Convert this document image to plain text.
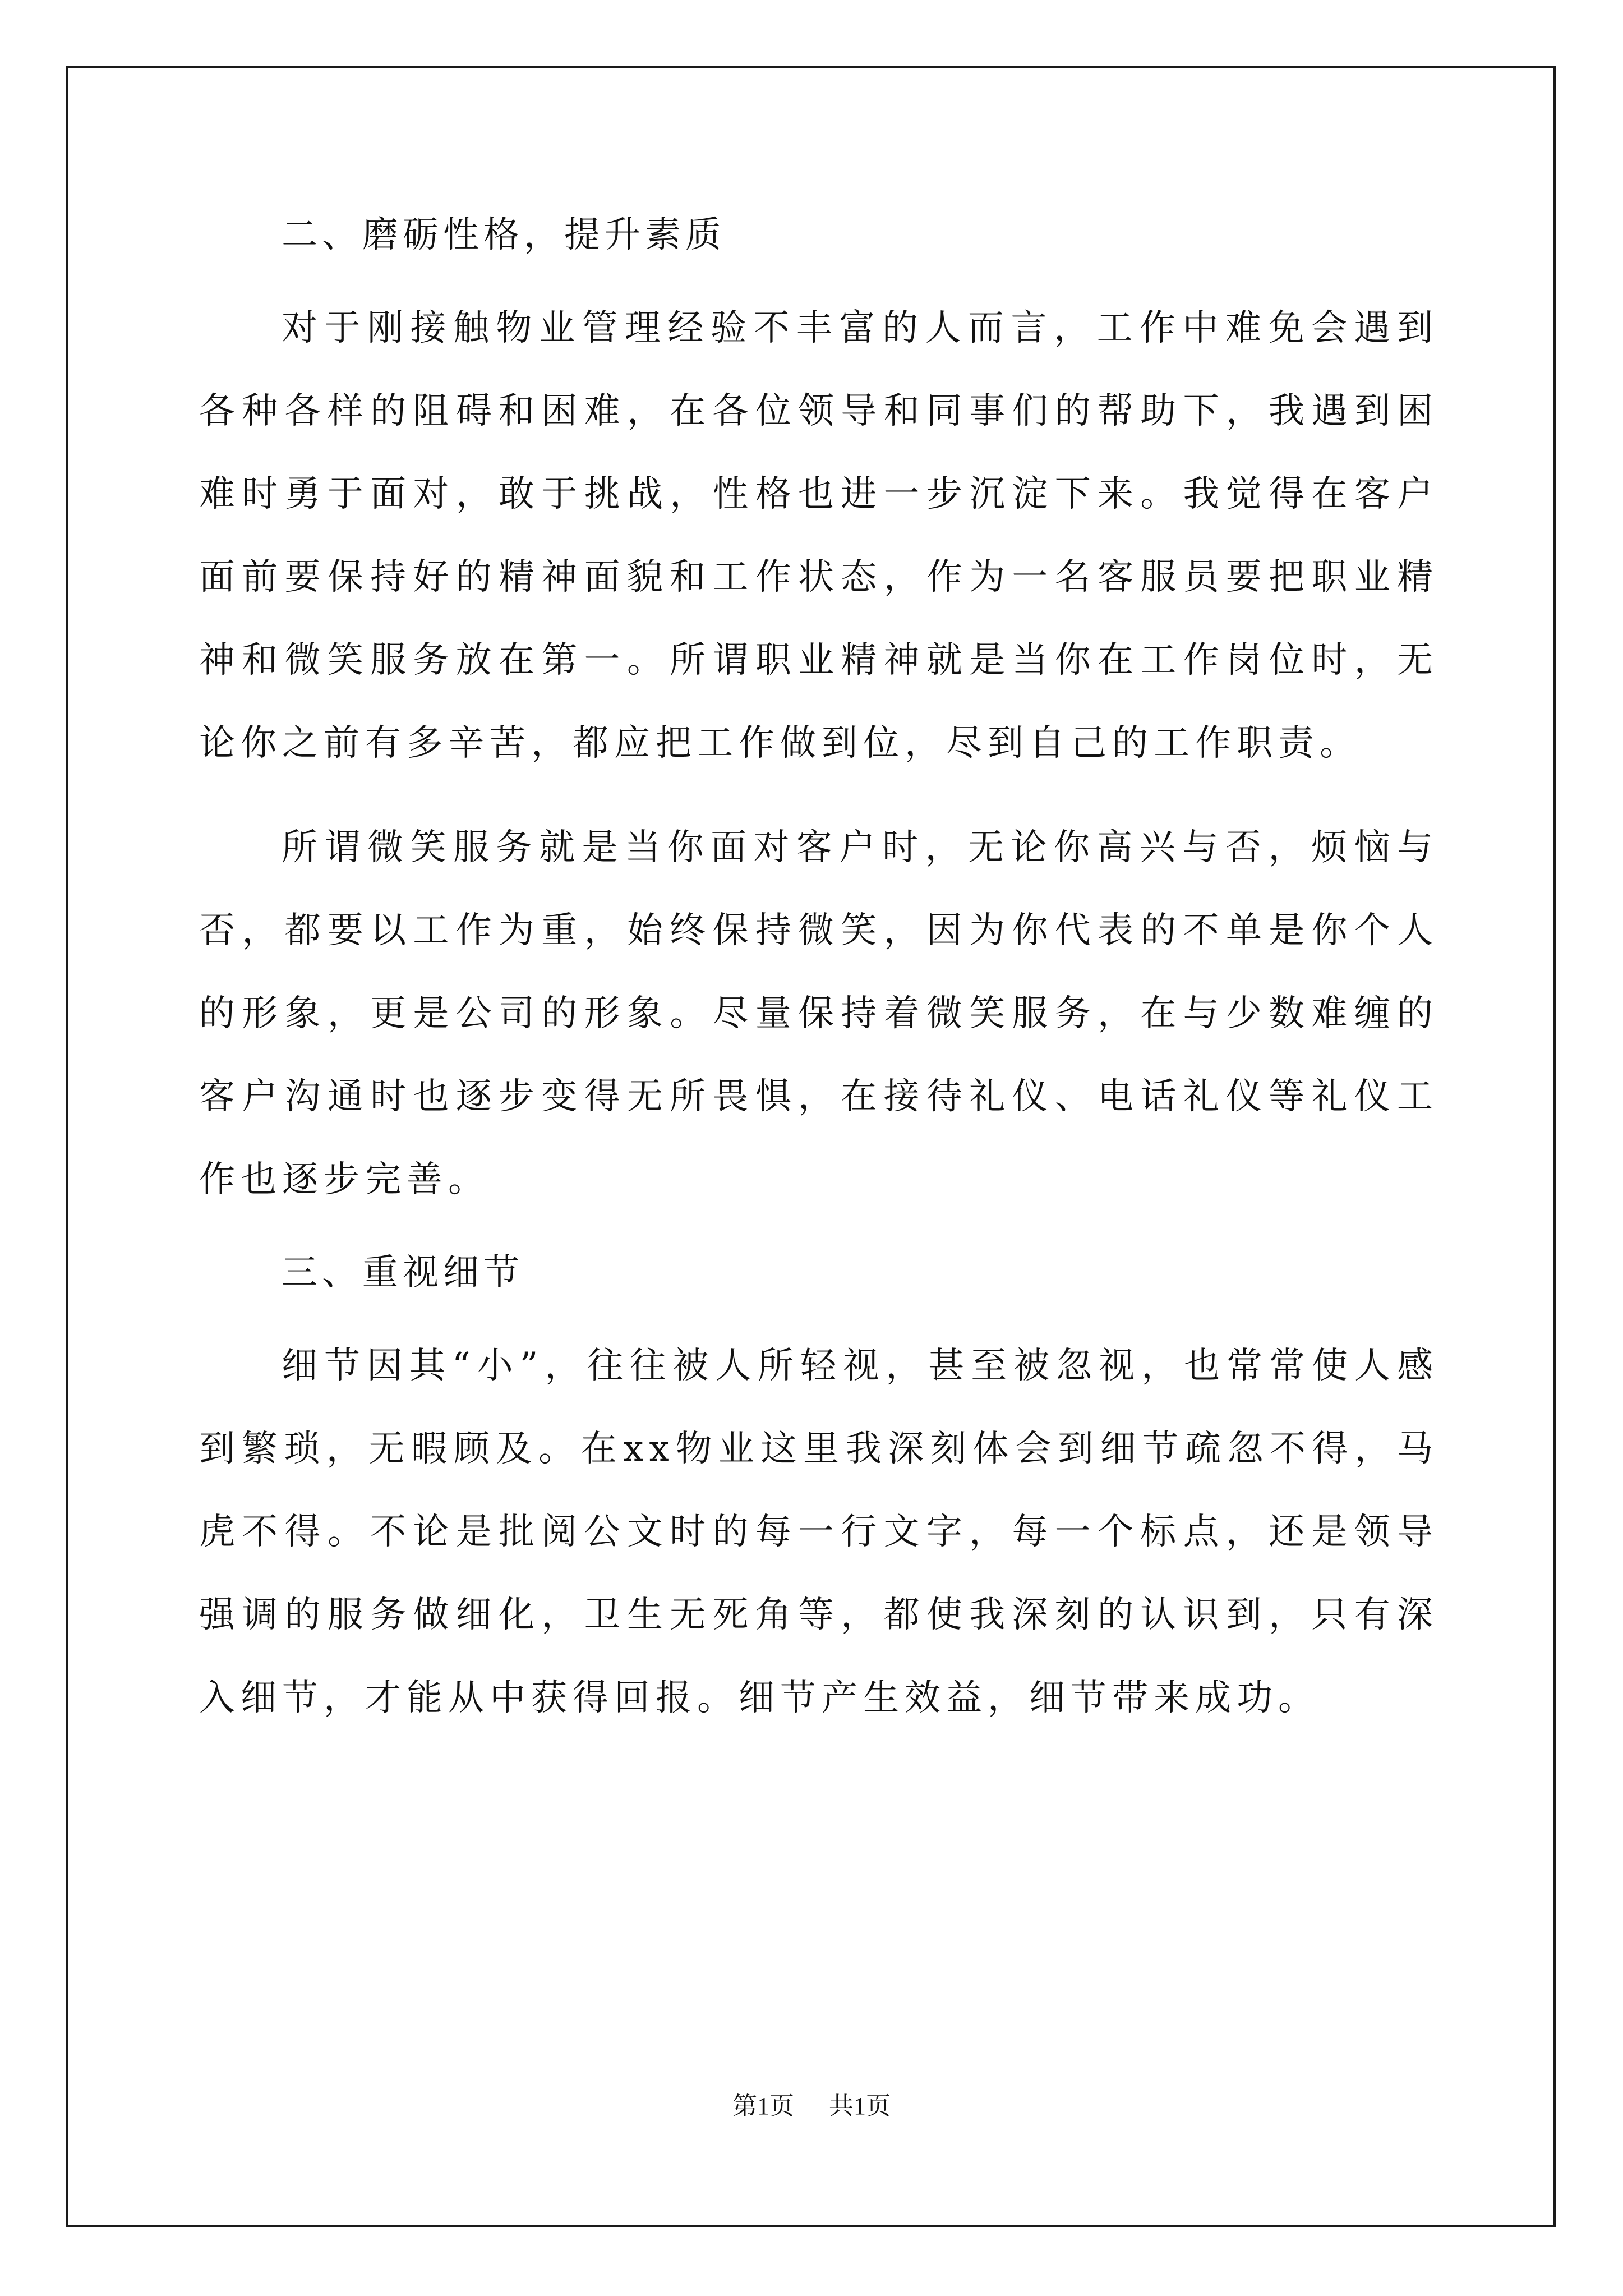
二、磨砺性格，提升素质

对于刚接触物业管理经验不丰富的人而言，工作中难免会遇到各种各样的阻碍和困难，在各位领导和同事们的帮助下，我遇到困难时勇于面对，敢于挑战，性格也进一步沉淀下来。我觉得在客户面前要保持好的精神面貌和工作状态，作为一名客服员要把职业精神和微笑服务放在第一。所谓职业精神就是当你在工作岗位时，无论你之前有多辛苦，都应把工作做到位，尽到自己的工作职责。

所谓微笑服务就是当你面对客户时，无论你高兴与否，烦恼与否，都要以工作为重，始终保持微笑，因为你代表的不单是你个人的形象，更是公司的形象。尽量保持着微笑服务，在与少数难缠的客户沟通时也逐步变得无所畏惧，在接待礼仪、电话礼仪等礼仪工作也逐步完善。

三、重视细节

细节因其“小”，往往被人所轻视，甚至被忽视，也常常使人感到繁琐，无暇顾及。在xx物业这里我深刻体会到细节疏忽不得，马虎不得。不论是批阅公文时的每一行文字，每一个标点，还是领导强调的服务做细化，卫生无死角等，都使我深刻的认识到，只有深入细节，才能从中获得回报。细节产生效益，细节带来成功。

第1页 共1页
